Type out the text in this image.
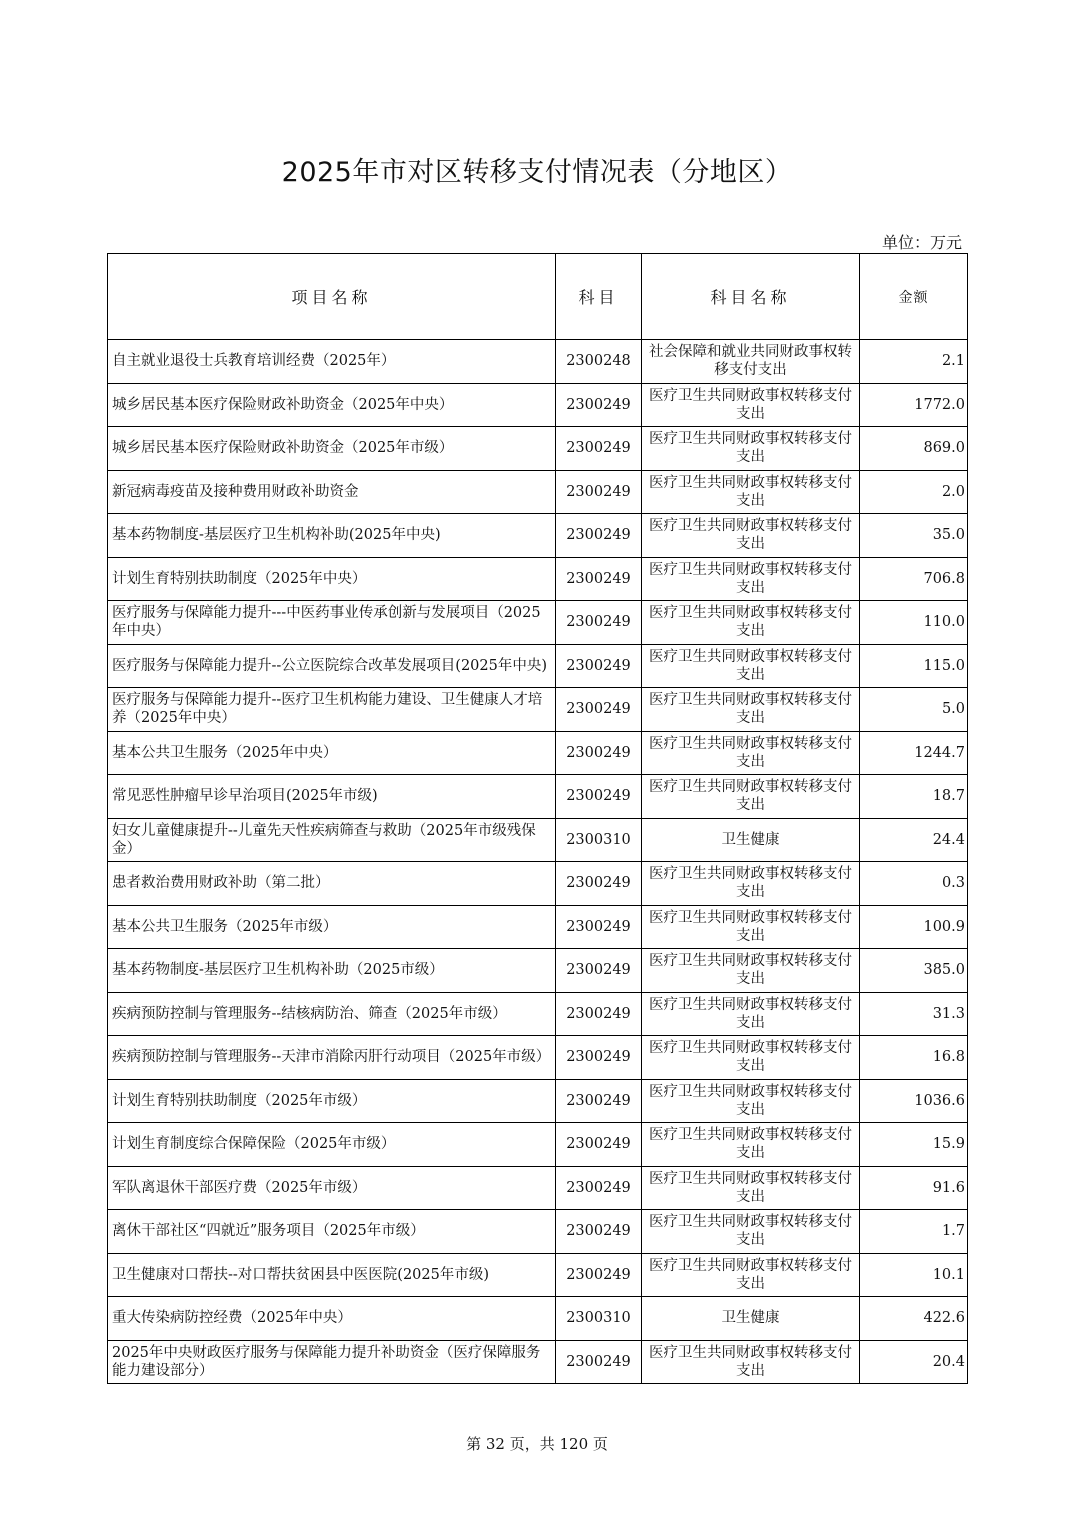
2025年市对区转移支付情况表（分地区）
单位：万元
项目名称	科目	科目名称	金额
自主就业退役士兵教育培训经费（2025年）	2300248	社会保障和就业共同财政事权转移支付支出	2.1
城乡居民基本医疗保险财政补助资金（2025年中央）	2300249	医疗卫生共同财政事权转移支付支出	1772.0
城乡居民基本医疗保险财政补助资金（2025年市级）	2300249	医疗卫生共同财政事权转移支付支出	869.0
新冠病毒疫苗及接种费用财政补助资金	2300249	医疗卫生共同财政事权转移支付支出	2.0
基本药物制度-基层医疗卫生机构补助(2025年中央)	2300249	医疗卫生共同财政事权转移支付支出	35.0
计划生育特别扶助制度（2025年中央）	2300249	医疗卫生共同财政事权转移支付支出	706.8
医疗服务与保障能力提升---中医药事业传承创新与发展项目（2025年中央）	2300249	医疗卫生共同财政事权转移支付支出	110.0
医疗服务与保障能力提升--公立医院综合改革发展项目(2025年中央)	2300249	医疗卫生共同财政事权转移支付支出	115.0
医疗服务与保障能力提升--医疗卫生机构能力建设、卫生健康人才培养（2025年中央）	2300249	医疗卫生共同财政事权转移支付支出	5.0
基本公共卫生服务（2025年中央）	2300249	医疗卫生共同财政事权转移支付支出	1244.7
常见恶性肿瘤早诊早治项目(2025年市级)	2300249	医疗卫生共同财政事权转移支付支出	18.7
妇女儿童健康提升--儿童先天性疾病筛查与救助（2025年市级残保金）	2300310	卫生健康	24.4
患者救治费用财政补助（第二批）	2300249	医疗卫生共同财政事权转移支付支出	0.3
基本公共卫生服务（2025年市级）	2300249	医疗卫生共同财政事权转移支付支出	100.9
基本药物制度-基层医疗卫生机构补助（2025市级）	2300249	医疗卫生共同财政事权转移支付支出	385.0
疾病预防控制与管理服务--结核病防治、筛查（2025年市级）	2300249	医疗卫生共同财政事权转移支付支出	31.3
疾病预防控制与管理服务--天津市消除丙肝行动项目（2025年市级）	2300249	医疗卫生共同财政事权转移支付支出	16.8
计划生育特别扶助制度（2025年市级）	2300249	医疗卫生共同财政事权转移支付支出	1036.6
计划生育制度综合保障保险（2025年市级）	2300249	医疗卫生共同财政事权转移支付支出	15.9
军队离退休干部医疗费（2025年市级）	2300249	医疗卫生共同财政事权转移支付支出	91.6
离休干部社区“四就近”服务项目（2025年市级）	2300249	医疗卫生共同财政事权转移支付支出	1.7
卫生健康对口帮扶--对口帮扶贫困县中医医院(2025年市级)	2300249	医疗卫生共同财政事权转移支付支出	10.1
重大传染病防控经费（2025年中央）	2300310	卫生健康	422.6
2025年中央财政医疗服务与保障能力提升补助资金（医疗保障服务能力建设部分）	2300249	医疗卫生共同财政事权转移支付支出	20.4
第 32 页，共 120 页
